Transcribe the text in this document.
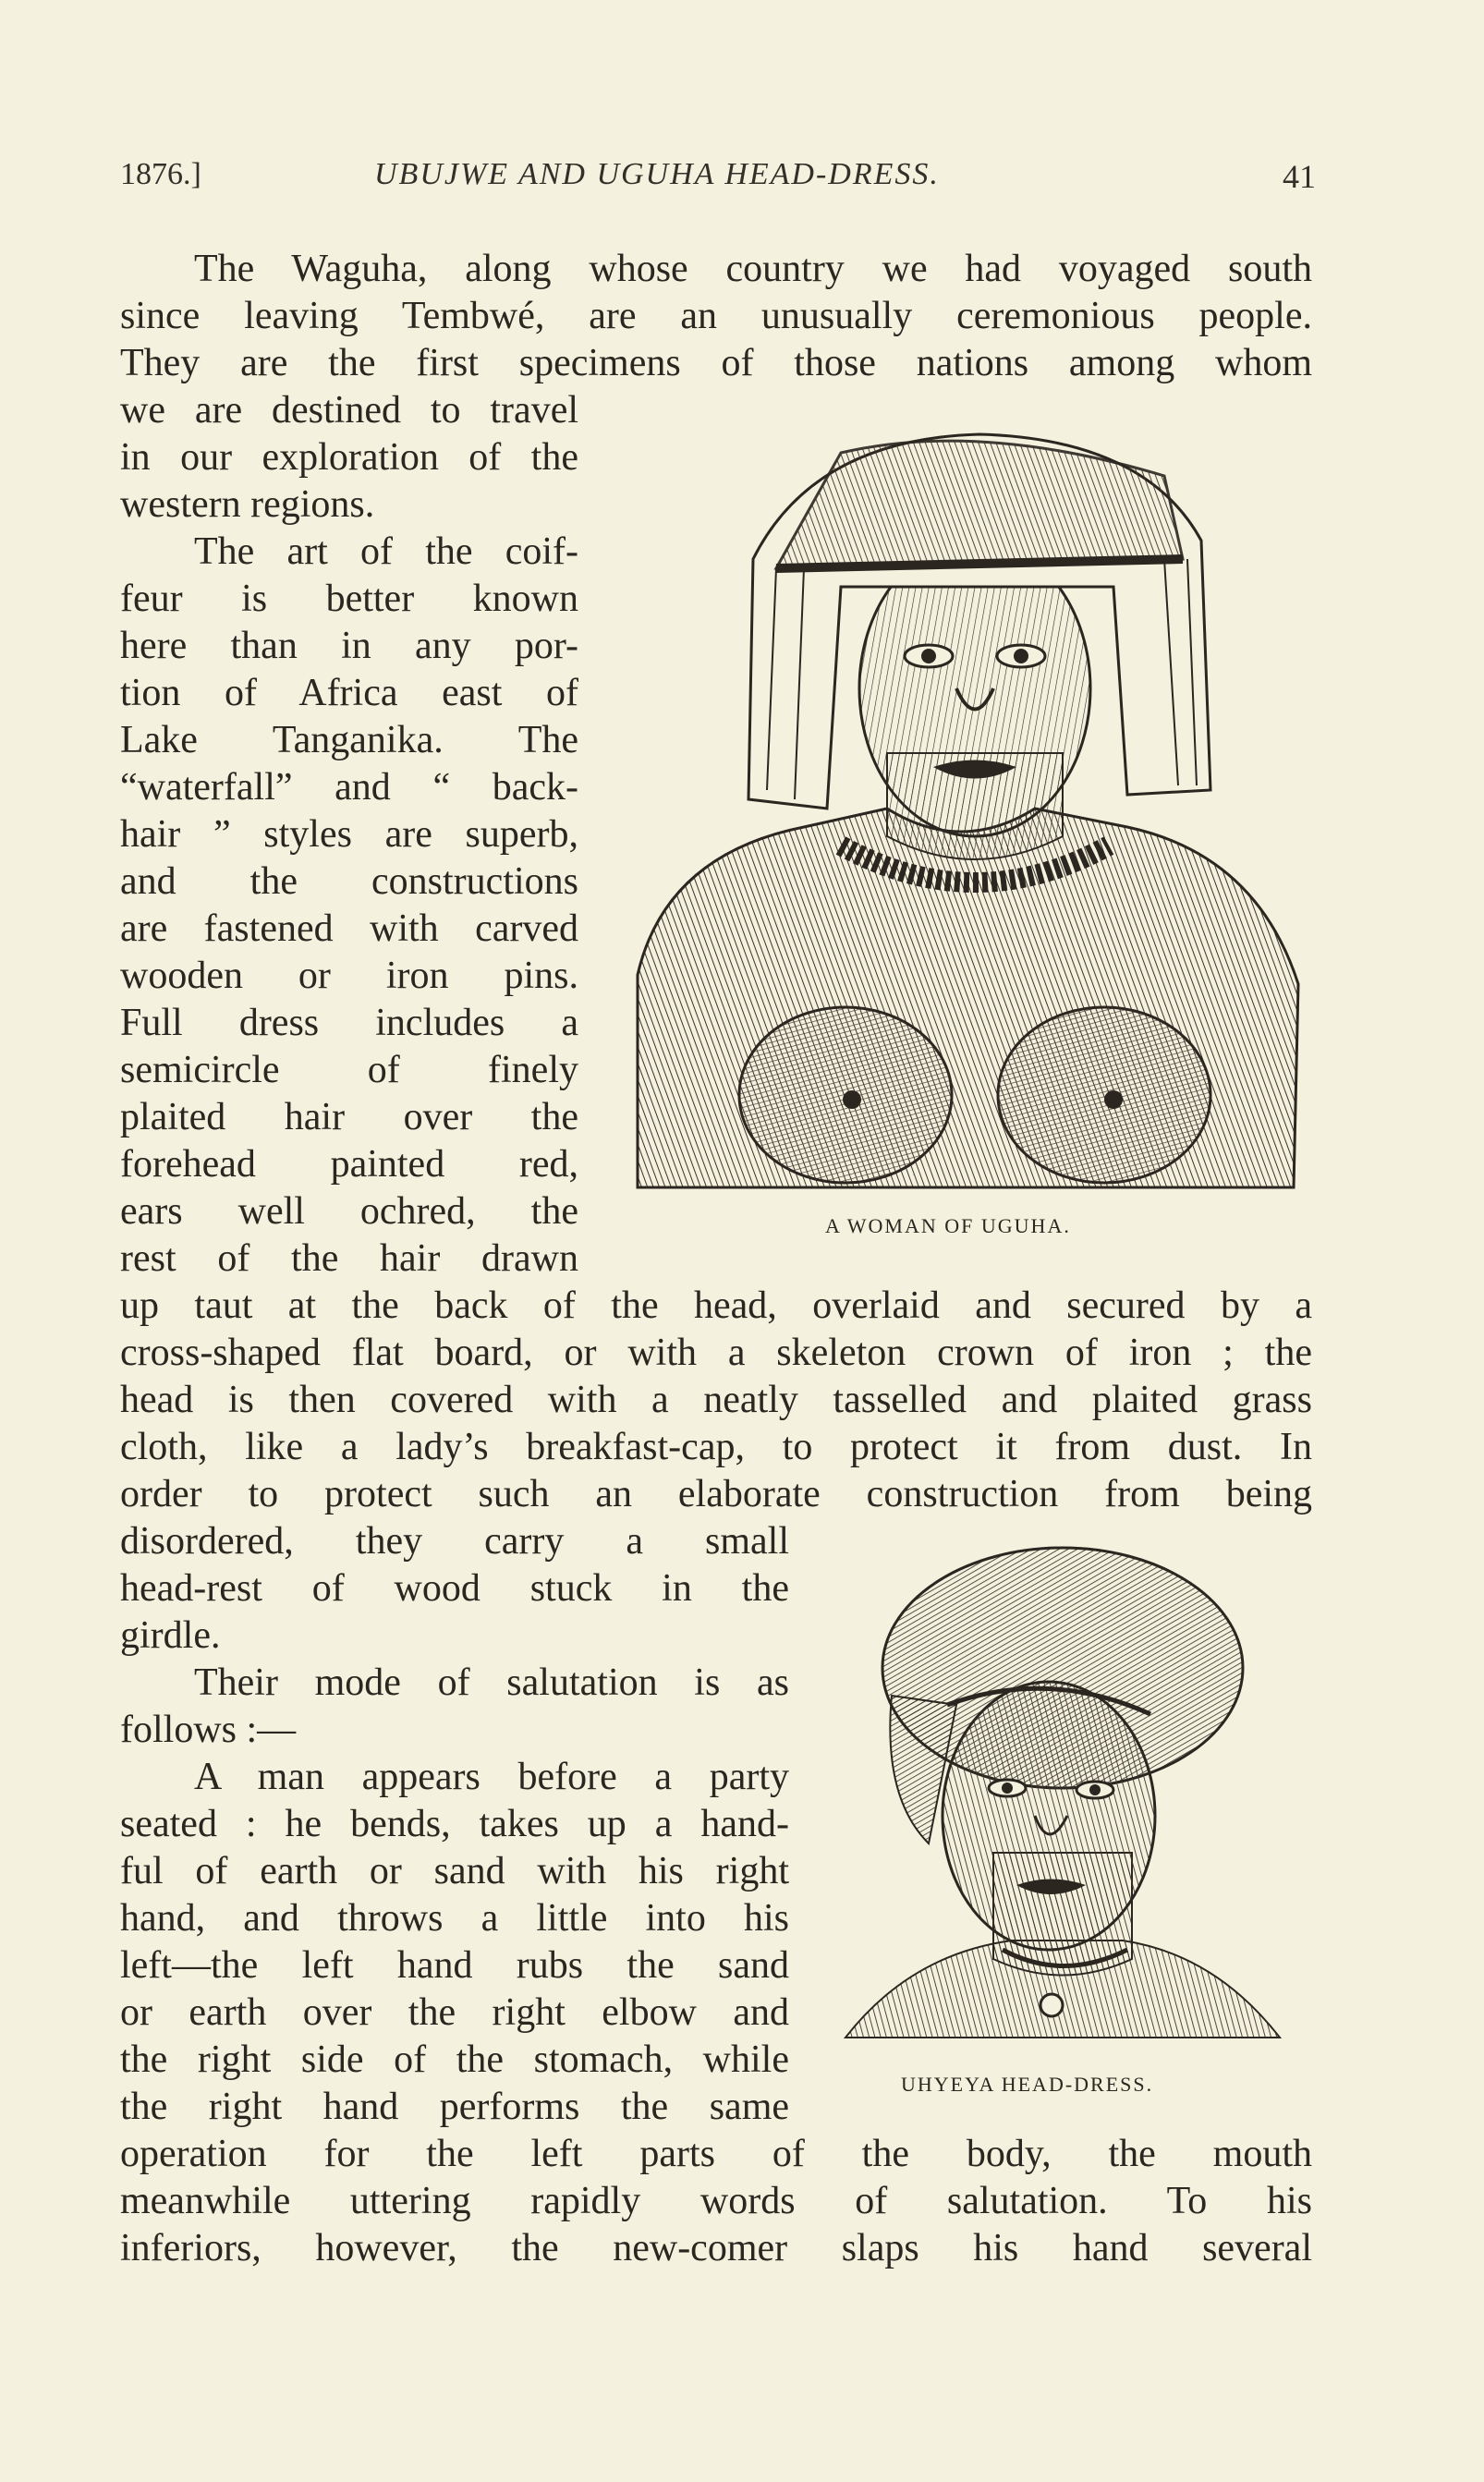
1876.]	UBUJWE AND UGUHA HEAD-DRESS.	41
The Waguha, along whose country we had voyaged south
since leaving Tembwé, are an unusually ceremonious people.
They are the first specimens of those nations among whom
we are destined to travel
in our exploration of the
western regions.
The art of the coif-
feur is better known
here than in any por-
tion of Africa east of
Lake Tanganika. The
“waterfall” and “ back-
hair ” styles are superb,
and the constructions
are fastened with carved
wooden or iron pins.
Full dress includes a
semicircle of finely
plaited hair over the
forehead painted red,
ears well ochred, the
rest of the hair drawn
up taut at the back of the head, overlaid and secured by a
cross-shaped flat board, or with a skeleton crown of iron ; the
head is then covered with a neatly tasselled and plaited grass
cloth, like a lady’s breakfast-cap, to protect it from dust. In
order to protect such an elaborate construction from being
disordered, they carry a small
head-rest of wood stuck in the
girdle.
Their mode of salutation is as
follows :—
A man appears before a party
seated : he bends, takes up a hand-
ful of earth or sand with his right
hand, and throws a little into his
left—the left hand rubs the sand
or earth over the right elbow and
the right side of the stomach, while
the right hand performs the same
operation for the left parts of the body, the mouth
meanwhile uttering rapidly words of salutation. To his
inferiors, however, the new-comer slaps his hand several
A WOMAN OF UGUHA.
UHYEYA HEAD-DRESS.
